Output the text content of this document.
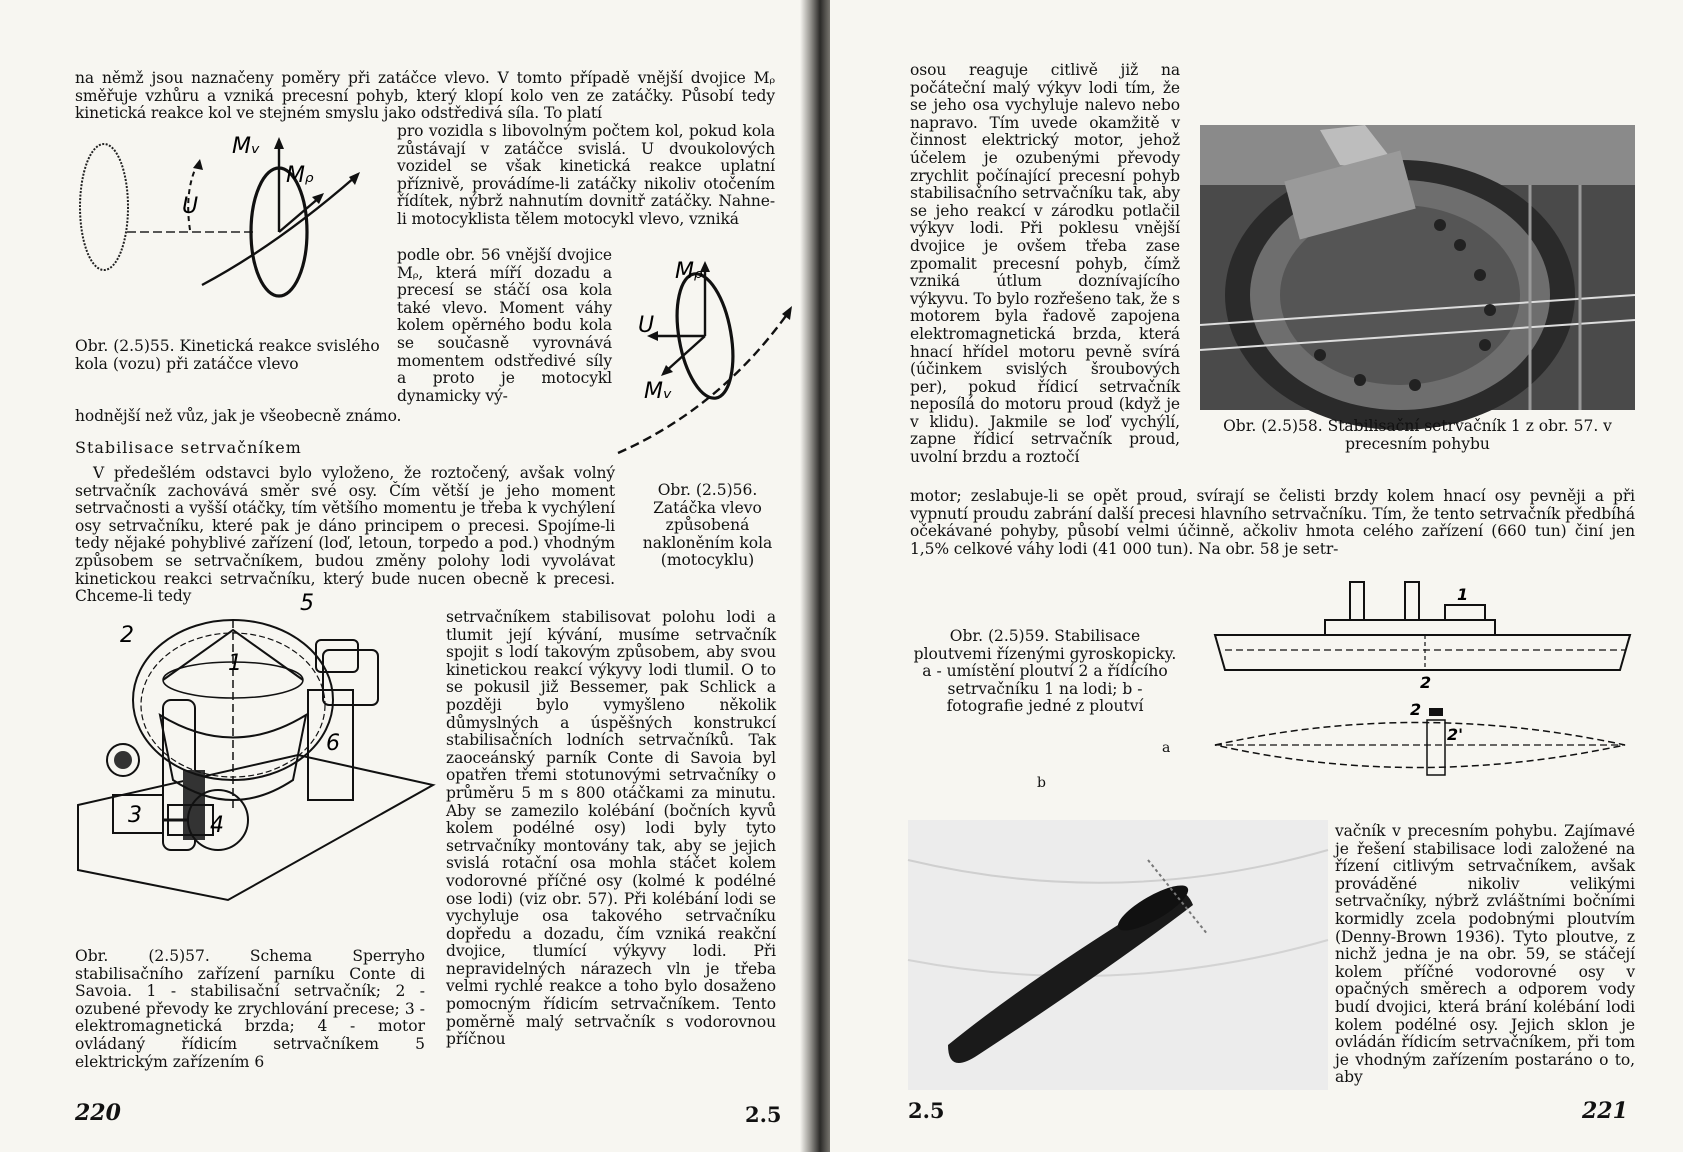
na němž jsou naznačeny poměry při zatáčce vlevo. V tomto případě vnější dvojice Mᵨ směřuje vzhůru a vzniká precesní pohyb, který klopí kolo ven ze zatáčky. Působí tedy kinetická reakce kol ve stejném smyslu jako odstředivá síla. To platí

Mᵥ
Mᵨ
U

pro vozidla s libovolným počtem kol, pokud kola zůstávají v zatáčce svislá. U dvoukolových vozidel se však kinetická reakce uplatní příznivě, provádíme-li zatáčky nikoliv otočením řídítek, nýbrž nahnutím dovnitř zatáčky. Nahne-li motocyklista tělem motocykl vlevo, vzniká

podle obr. 56 vnější dvojice Mᵨ, která míří dozadu a precesí se stáčí osa kola také vlevo. Moment váhy kolem opěrného bodu kola se současně vyrovnává momentem odstředivé síly a proto je motocykl dynamicky vý-

Mᵨ
U
Mᵥ

Obr. (2.5)55. Kinetická reakce svislého kola (vozu) při zatáčce vlevo

hodnější než vůz, jak je všeobecně známo.

Stabilisace setrvačníkem

V předešlém odstavci bylo vyloženo, že roztočený, avšak volný setrvačník zachovává směr své osy. Čím větší je jeho moment setrvačnosti a vyšší otáčky, tím většího momentu je třeba k vychýlení osy setrvačníku, které pak je dáno principem o precesi. Spojíme-li tedy nějaké pohyblivé zařízení (loď, letoun, torpedo a pod.) vhodným způsobem se setrvačníkem, budou změny polohy lodi vyvolávat kinetickou reakci setrvačníku, který bude nucen obecně k precesi. Chceme-li tedy

Obr. (2.5)56. Zatáčka vlevo způsobená nakloněním kola (motocyklu)

setrvačníkem stabilisovat polohu lodi a tlumit její kývání, musíme setrvačník spojit s lodí takovým způsobem, aby svou kinetickou reakcí výkyvy lodi tlumil. O to se pokusil již Bessemer, pak Schlick a později bylo vymyšleno několik důmyslných a úspěšných konstrukcí stabilisačních lodních setrvačníků. Tak zaoceánský parník Conte di Savoia byl opatřen třemi stotunovými setrvačníky o průměru 5 m s 800 otáčkami za minutu. Aby se zamezilo kolébání (bočních kyvů kolem podélné osy) lodi byly tyto setrvačníky montovány tak, aby se jejich svislá rotační osa mohla stáčet kolem vodorovné příčné osy (kolmé k podélné ose lodi) (viz obr. 57). Při kolébání lodi se vychyluje osa takového setrvačníku dopředu a dozadu, čím vzniká reakční dvojice, tlumící výkyvy lodi. Při nepravidelných nárazech vln je třeba velmi rychlé reakce a toho bylo dosaženo pomocným řídicím setrvačníkem. Tento poměrně malý setrvačník s vodorovnou příčnou

1
2
3	4
5
6

Obr. (2.5)57. Schema Sperryho stabilisačního zařízení parníku Conte di Savoia. 1 - stabilisační setrvačník; 2 - ozubené převody ke zrychlování precese; 3 - elektromagnetická brzda; 4 - motor ovládaný řídicím setrvačníkem 5 elektrickým zařízením 6

220	2.5

osou reaguje citlivě již na počáteční malý výkyv lodi tím, že se jeho osa vychyluje nalevo nebo napravo. Tím uvede okamžitě v činnost elektrický motor, jehož účelem je ozubenými převody zrychlit počínající precesní pohyb stabilisačního setrvačníku tak, aby se jeho reakcí v zárodku potlačil výkyv lodi. Při poklesu vnější dvojice je ovšem třeba zase zpomalit precesní pohyb, čímž vzniká útlum doznívajícího výkyvu. To bylo rozřešeno tak, že s motorem byla řadově zapojena elektromagnetická brzda, která hnací hřídel motoru pevně svírá (účinkem svislých šroubových per), pokud řídicí setrvačník neposílá do motoru proud (když je v klidu). Jakmile se loď vychýlí, zapne řídicí setrvačník proud, uvolní brzdu a roztočí

Obr. (2.5)58. Stabilisační setrvačník 1 z obr. 57. v precesním pohybu

motor; zeslabuje-li se opět proud, svírají se čelisti brzdy kolem hnací osy pevněji a při vypnutí proudu zabrání další precesi hlavního setrvačníku. Tím, že tento setrvačník předbíhá očekávané pohyby, působí velmi účinně, ačkoliv hmota celého zařízení (660 tun) činí jen 1,5% celkové váhy lodi (41 000 tun). Na obr. 58 je setr-

Obr. (2.5)59. Stabilisace ploutvemi řízenými gyroskopicky. a - umístění ploutví 2 a řídícího setrvačníku 1 na lodi; b - fotografie jedné z ploutví

1
2
2
2'
a
b

vačník v precesním pohybu. Zajímavé je řešení stabilisace lodi založené na řízení citlivým setrvačníkem, avšak prováděné nikoliv velikými setrvačníky, nýbrž zvláštními bočními kormidly zcela podobnými ploutvím (Denny-Brown 1936). Tyto ploutve, z nichž jedna je na obr. 59, se stáčejí kolem příčné vodorovné osy v opačných směrech a odporem vody budí dvojici, která brání kolébání lodi kolem podélné osy. Jejich sklon je ovládán řídicím setrvačníkem, při tom je vhodným zařízením postaráno o to, aby

2.5	221
